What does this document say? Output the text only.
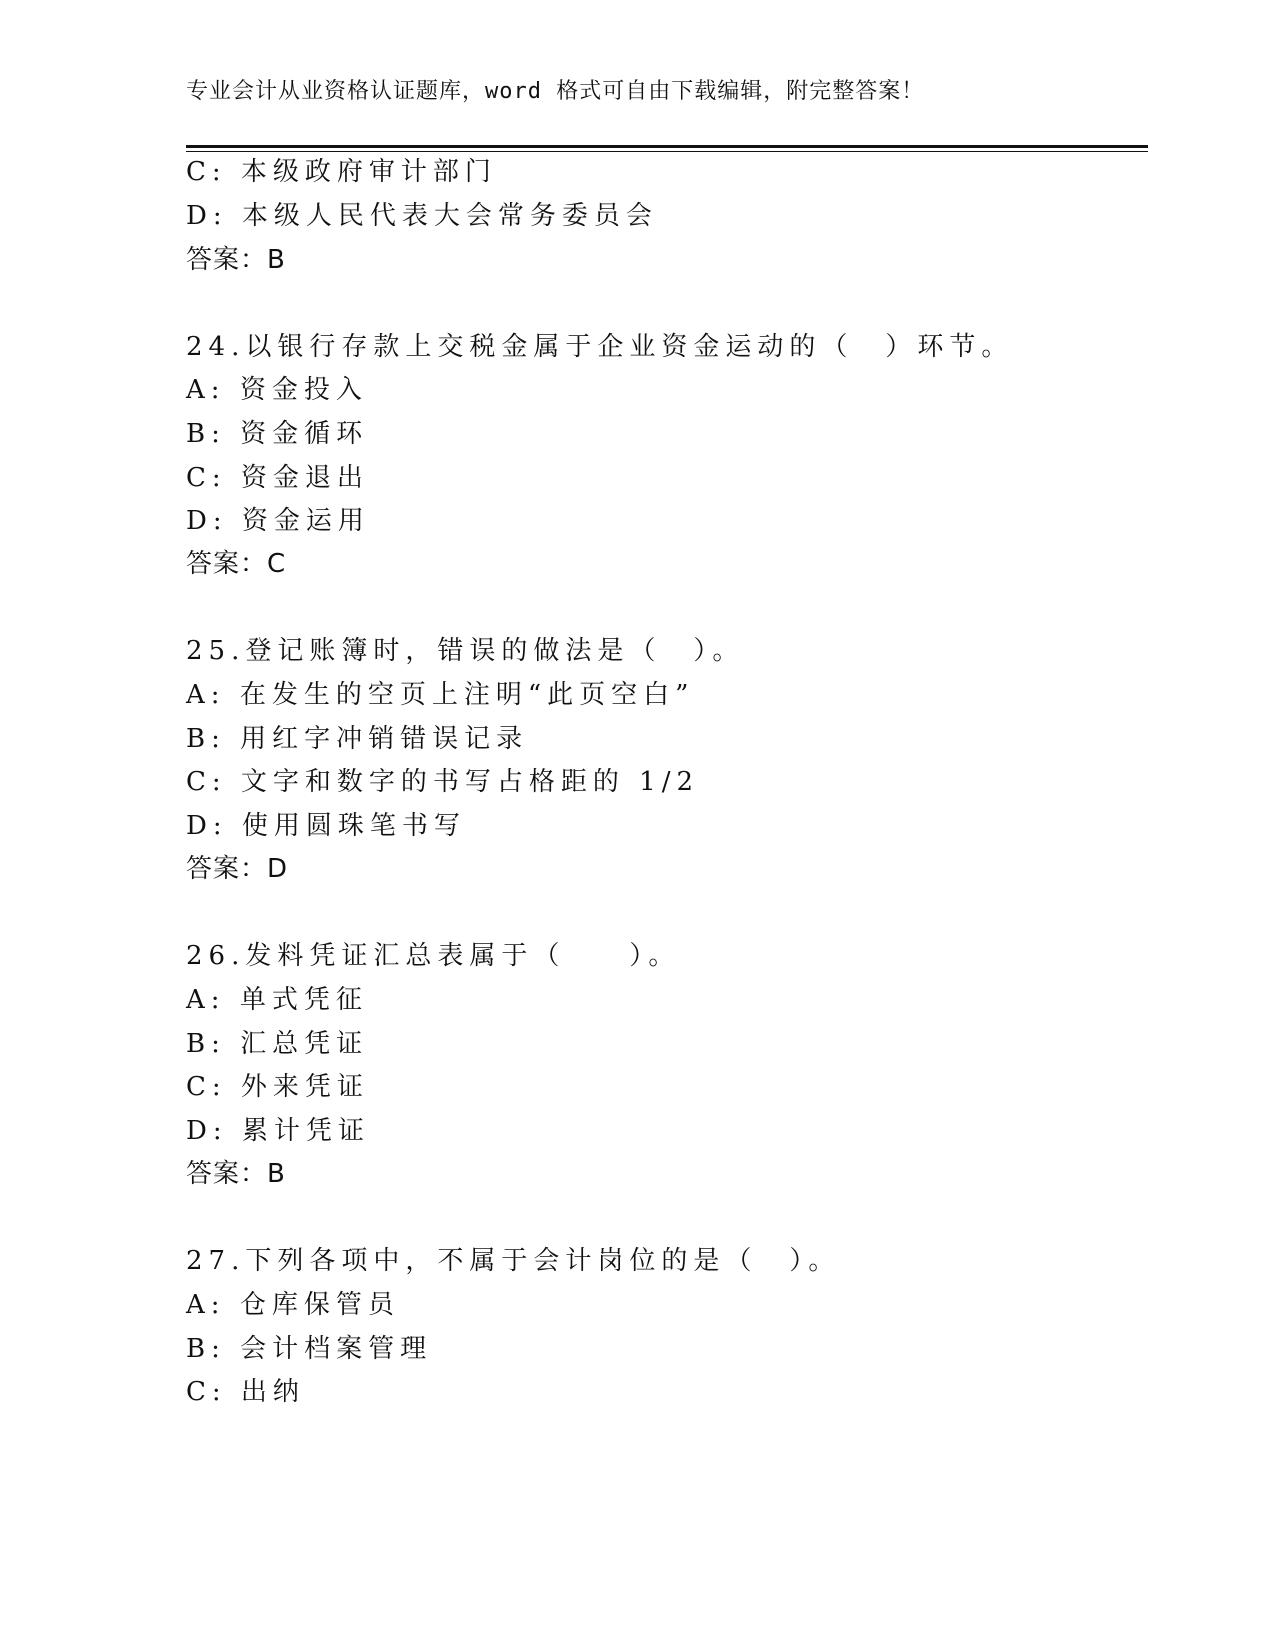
专业会计从业资格认证题库，word 格式可自由下载编辑，附完整答案！
C: 本级政府审计部门
D: 本级人民代表大会常务委员会
答案：B
24.以银行存款上交税金属于企业资金运动的（　）环节。
A: 资金投入
B: 资金循环
C: 资金退出
D: 资金运用
答案：C
25.登记账簿时，错误的做法是（　）。
A: 在发生的空页上注明“此页空白”
B: 用红字冲销错误记录
C: 文字和数字的书写占格距的 1/2
D: 使用圆珠笔书写
答案：D
26.发料凭证汇总表属于（　　）。
A: 单式凭征
B: 汇总凭证
C: 外来凭证
D: 累计凭证
答案：B
27.下列各项中，不属于会计岗位的是（　）。
A: 仓库保管员
B: 会计档案管理
C: 出纳
